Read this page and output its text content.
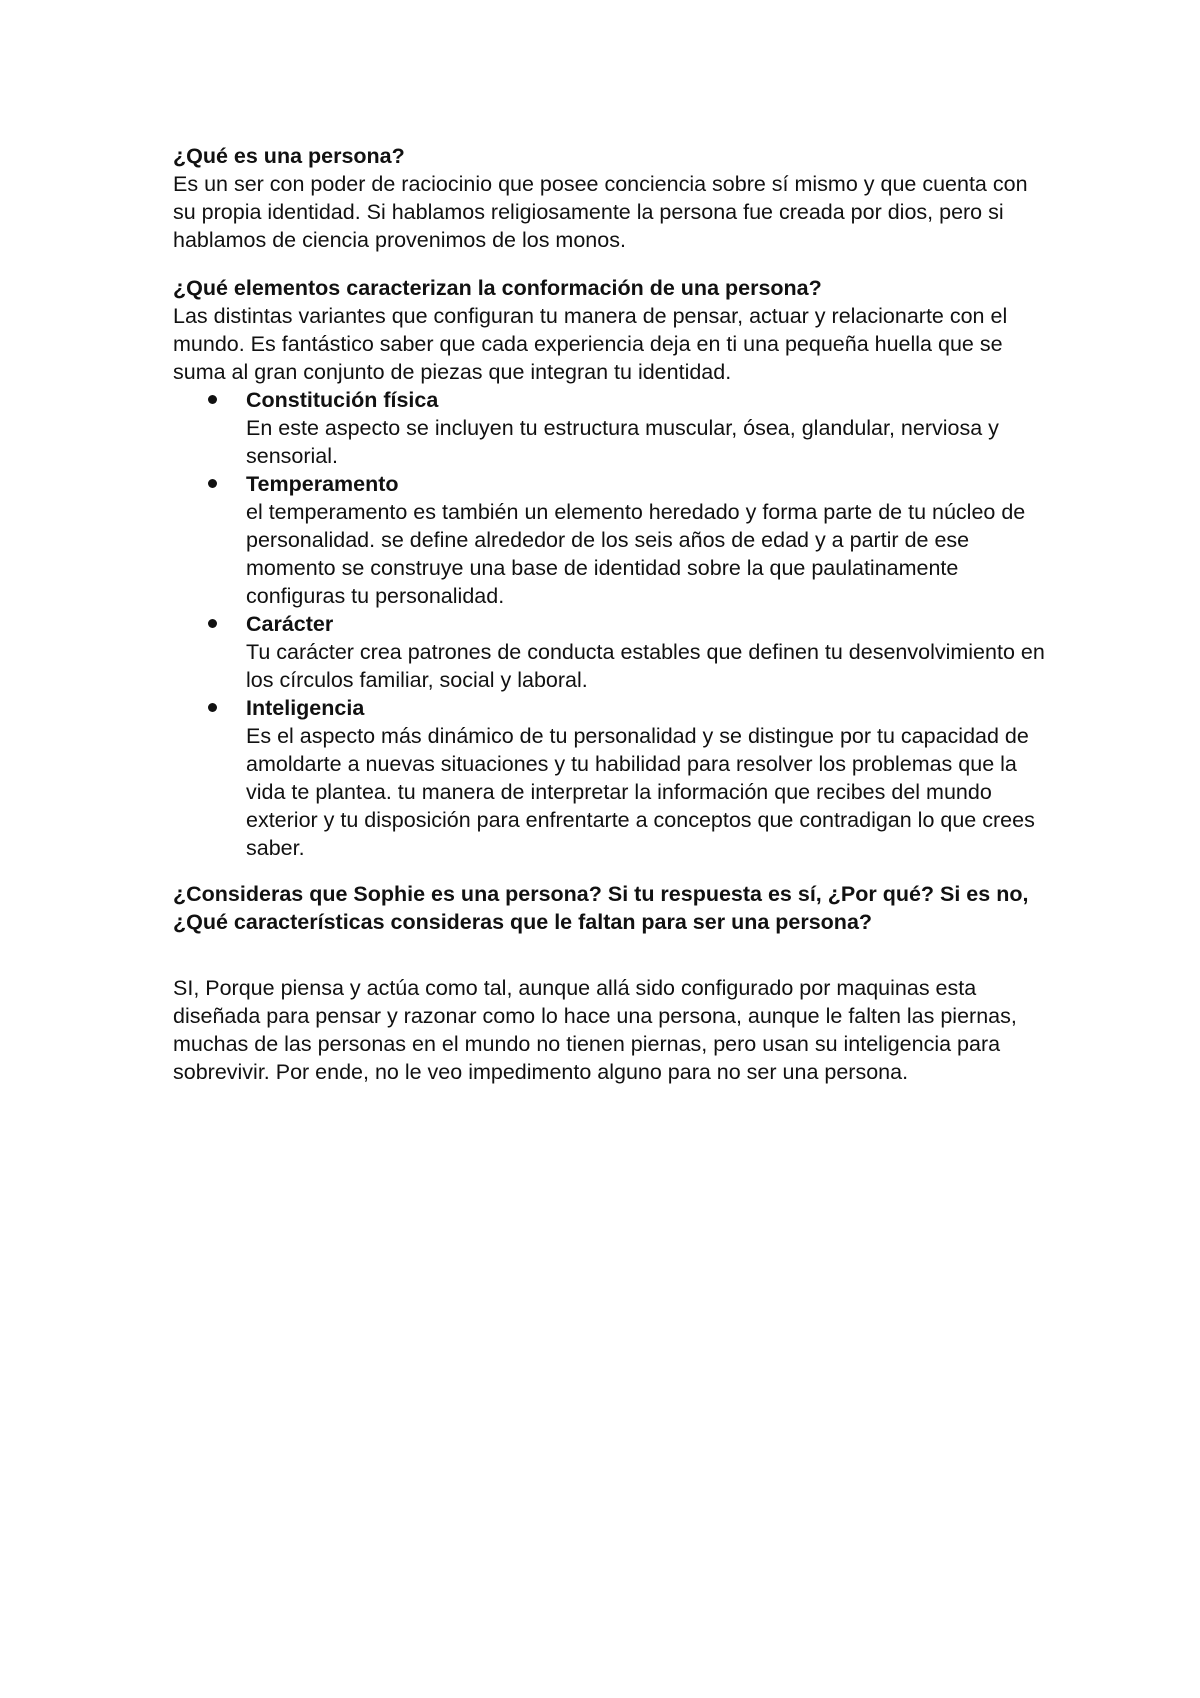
¿Qué es una persona?

Es un ser con poder de raciocinio que posee conciencia sobre sí mismo y que cuenta con su propia identidad. Si hablamos religiosamente la persona fue creada por dios, pero si hablamos de ciencia provenimos de los monos.

¿Qué elementos caracterizan la conformación de una persona?

Las distintas variantes que configuran tu manera de pensar, actuar y relacionarte con el mundo. Es fantástico saber que cada experiencia deja en ti una pequeña huella que se suma al gran conjunto de piezas que integran tu identidad.

Constitución física
En este aspecto se incluyen tu estructura muscular, ósea, glandular, nerviosa y sensorial.
Temperamento
el temperamento es también un elemento heredado y forma parte de tu núcleo de personalidad. se define alrededor de los seis años de edad y a partir de ese momento se construye una base de identidad sobre la que paulatinamente configuras tu personalidad.
Carácter
Tu carácter crea patrones de conducta estables que definen tu desenvolvimiento en los círculos familiar, social y laboral.
Inteligencia
Es el aspecto más dinámico de tu personalidad y se distingue por tu capacidad de amoldarte a nuevas situaciones y tu habilidad para resolver los problemas que la vida te plantea. tu manera de interpretar la información que recibes del mundo exterior y tu disposición para enfrentarte a conceptos que contradigan lo que crees saber.

¿Consideras que Sophie es una persona? Si tu respuesta es sí, ¿Por qué? Si es no, ¿Qué características consideras que le faltan para ser una persona?

SI, Porque piensa y actúa como tal, aunque allá sido configurado por maquinas esta diseñada para pensar y razonar como lo hace una persona, aunque le falten las piernas, muchas de las personas en el mundo no tienen piernas, pero usan su inteligencia para sobrevivir. Por ende, no le veo impedimento alguno para no ser una persona.
